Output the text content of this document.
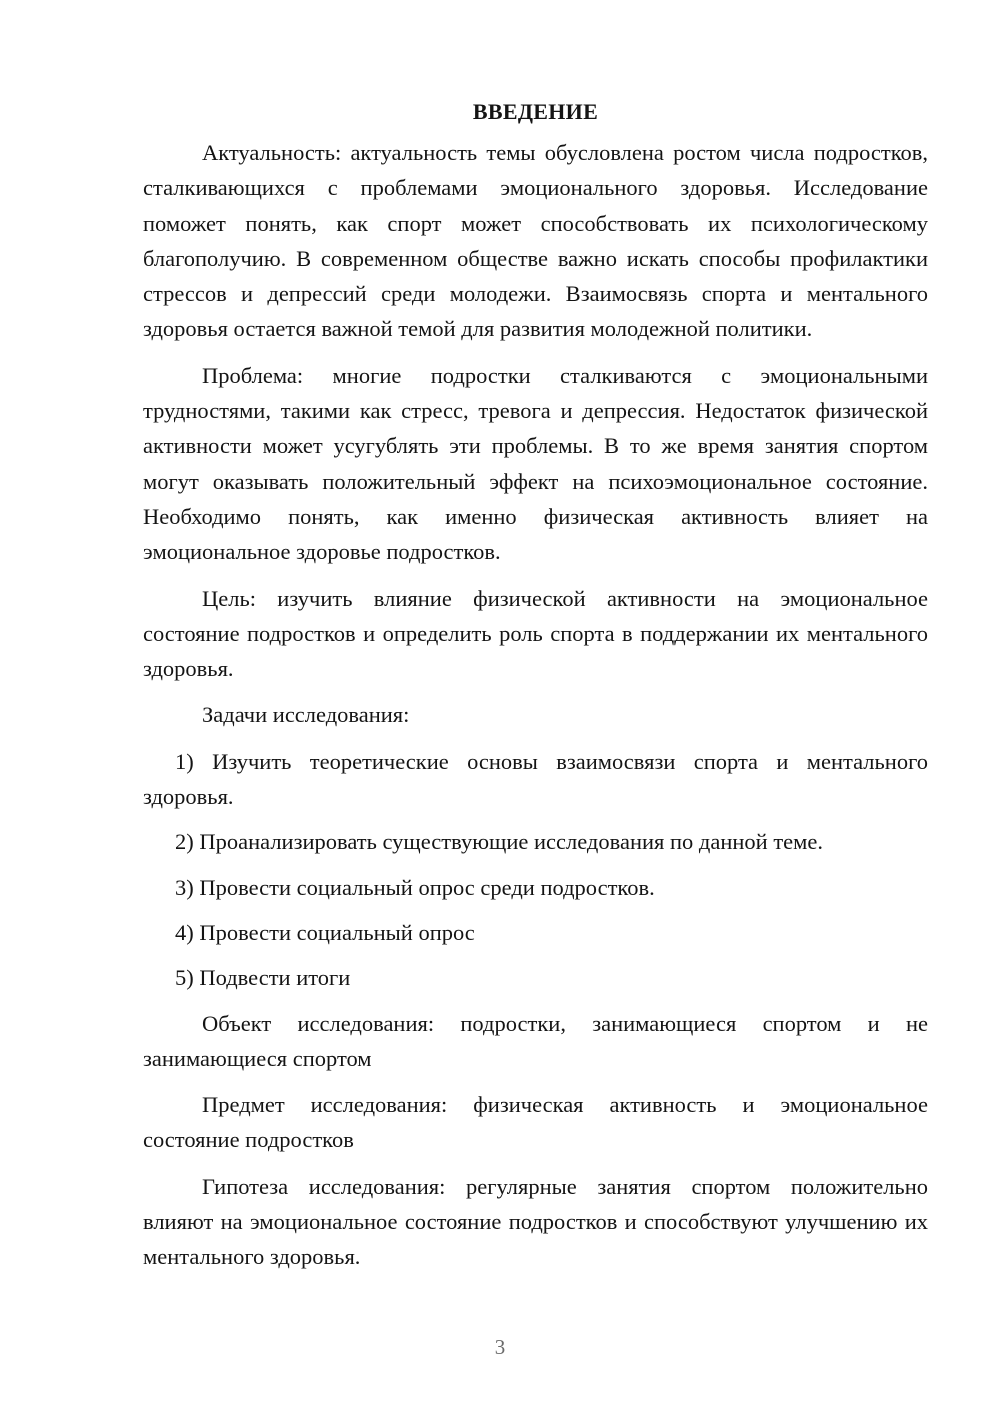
ВВЕДЕНИЕ

Актуальность: актуальность темы обусловлена ростом числа подростков, сталкивающихся с проблемами эмоционального здоровья. Исследование поможет понять, как спорт может способствовать их психологическому благополучию. В современном обществе важно искать способы профилактики стрессов и депрессий среди молодежи. Взаимосвязь спорта и ментального здоровья остается важной темой для развития молодежной политики.

Проблема: многие подростки сталкиваются с эмоциональными трудностями, такими как стресс, тревога и депрессия. Недостаток физической активности может усугублять эти проблемы. В то же время занятия спортом могут оказывать положительный эффект на психоэмоциональное состояние. Необходимо понять, как именно физическая активность влияет на эмоциональное здоровье подростков.

Цель: изучить влияние физической активности на эмоциональное состояние подростков и определить роль спорта в поддержании их ментального здоровья.

Задачи исследования:

1) Изучить теоретические основы взаимосвязи спорта и ментального здоровья.
2) Проанализировать существующие исследования по данной теме.
3) Провести социальный опрос среди подростков.
4) Провести социальный опрос
5) Подвести итоги

Объект исследования: подростки, занимающиеся спортом и не занимающиеся спортом

Предмет исследования: физическая активность и эмоциональное состояние подростков

Гипотеза исследования: регулярные занятия спортом положительно влияют на эмоциональное состояние подростков и способствуют улучшению их ментального здоровья.

3
